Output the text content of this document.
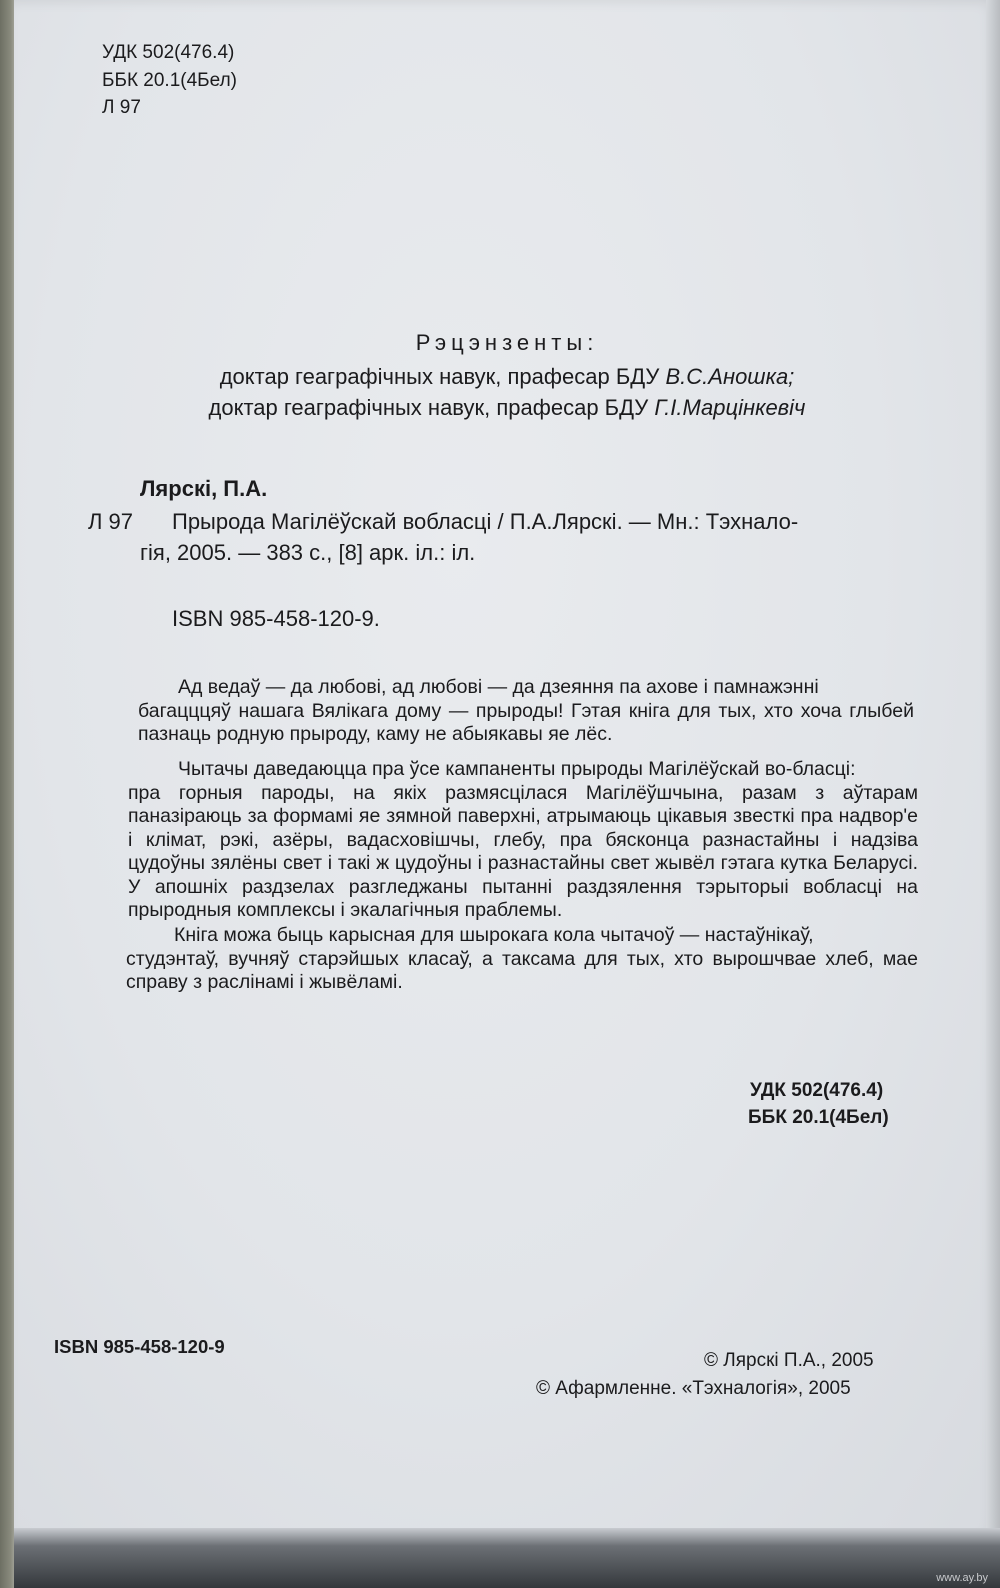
УДК 502(476.4)
ББК 20.1(4Бел)
Л 97
Рэцэнзенты:
доктар геаграфічных навук, прафесар БДУ В.С.Аношка;
доктар геаграфічных навук, прафесар БДУ Г.І.Марцінкевіч
Лярскі, П.А.
Л 97 Прырода Магілёўскай вобласці / П.А.Лярскі. — Мн.: Тэхнало-
гія, 2005. — 383 с., [8] арк. іл.: іл.
ISBN 985-458-120-9.
Ад ведаў — да любові, ад любові — да дзеяння па ахове і памнажэнні
багацццяў нашага Вялікага дому — прыроды! Гэтая кніга для тых, хто хоча глыбей пазнаць родную прыроду, каму не абыякавы яе лёс.
Чытачы даведаюцца пра ўсе кампаненты прыроды Магілёўскай во-бласці:
пра горныя пароды, на якіх размясцілася Магілёўшчына, разам з аўтарам паназіраюць за формамі яе зямной паверхні, атрымаюць цікавыя звесткі пра надвор'е і клімат, рэкі, азёры, вадасховішчы, глебу, пра бясконца разнастайны і надзіва цудоўны зялёны свет і такі ж цудоўны і разнастайны свет жывёл гэтага кутка Беларусі. У апошніх раздзелах разгледжаны пытанні раздзялення тэрыторыі вобласці на прыродныя комплексы і экалагічныя праблемы.
Кніга можа быць карысная для шырокага кола чытачоў — настаўнікаў,
студэнтаў, вучняў старэйшых класаў, а таксама для тых, хто вырошчвае хлеб, мае справу з раслінамі і жывёламі.
УДК 502(476.4)
ББК 20.1(4Бел)
ISBN 985-458-120-9
© Лярскі П.А., 2005
© Афармленне. «Тэхналогія», 2005
www.ay.by
